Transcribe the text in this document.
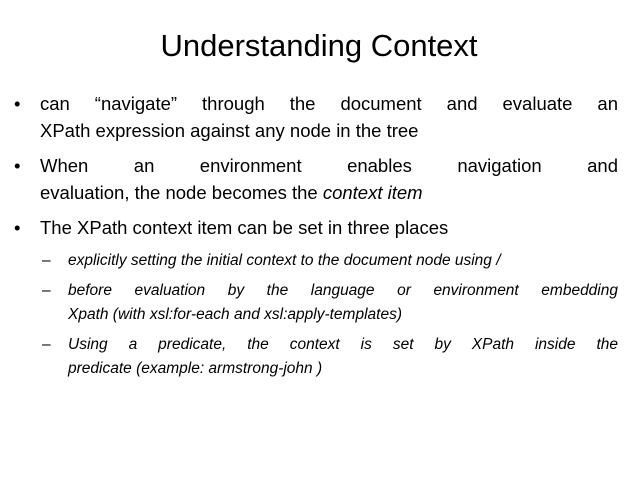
Understanding Context
•	can “navigate” through the document and evaluate an
XPath expression against any node in the tree
•	When an environment enables navigation and
evaluation, the node becomes the context item
•	The XPath context item can be set in three places
– explicitly setting the initial context to the document node using /
– before evaluation by the language or environment embedding
Xpath (with xsl:for-each and xsl:apply-templates)
– Using a predicate, the context is set by XPath inside the
predicate (example: armstrong-john )
